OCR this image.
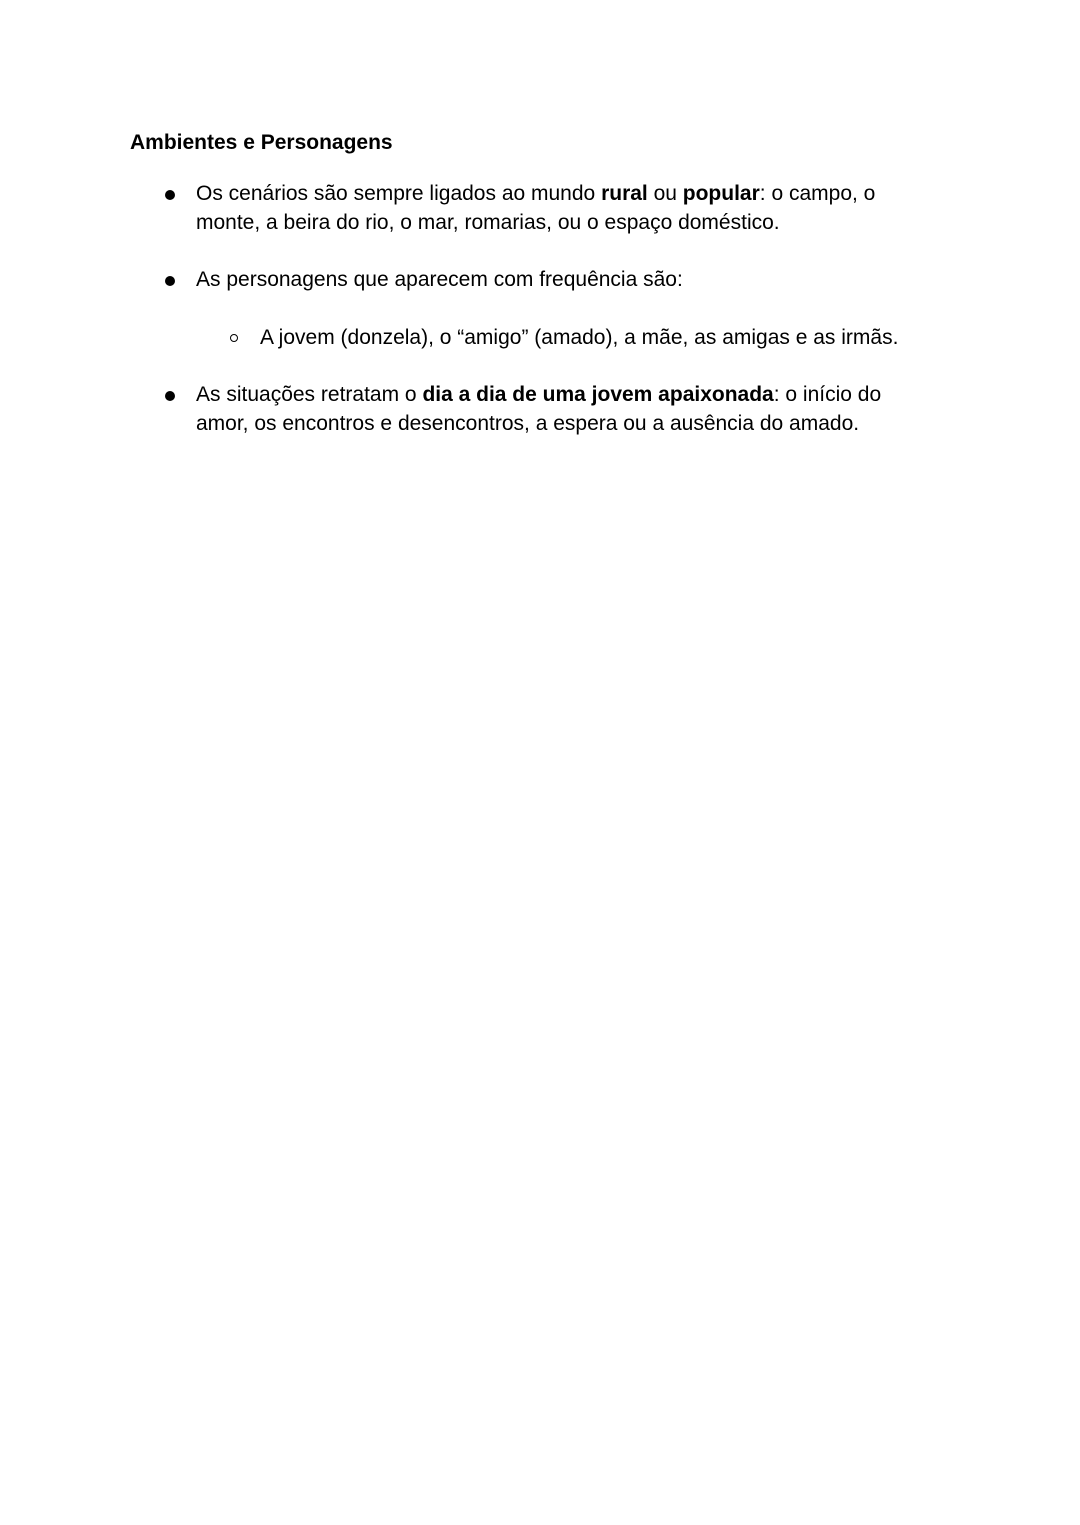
Ambientes e Personagens
Os cenários são sempre ligados ao mundo rural ou popular: o campo, o monte, a beira do rio, o mar, romarias, ou o espaço doméstico.
As personagens que aparecem com frequência são:
A jovem (donzela), o “amigo” (amado), a mãe, as amigas e as irmãs.
As situações retratam o dia a dia de uma jovem apaixonada: o início do amor, os encontros e desencontros, a espera ou a ausência do amado.
